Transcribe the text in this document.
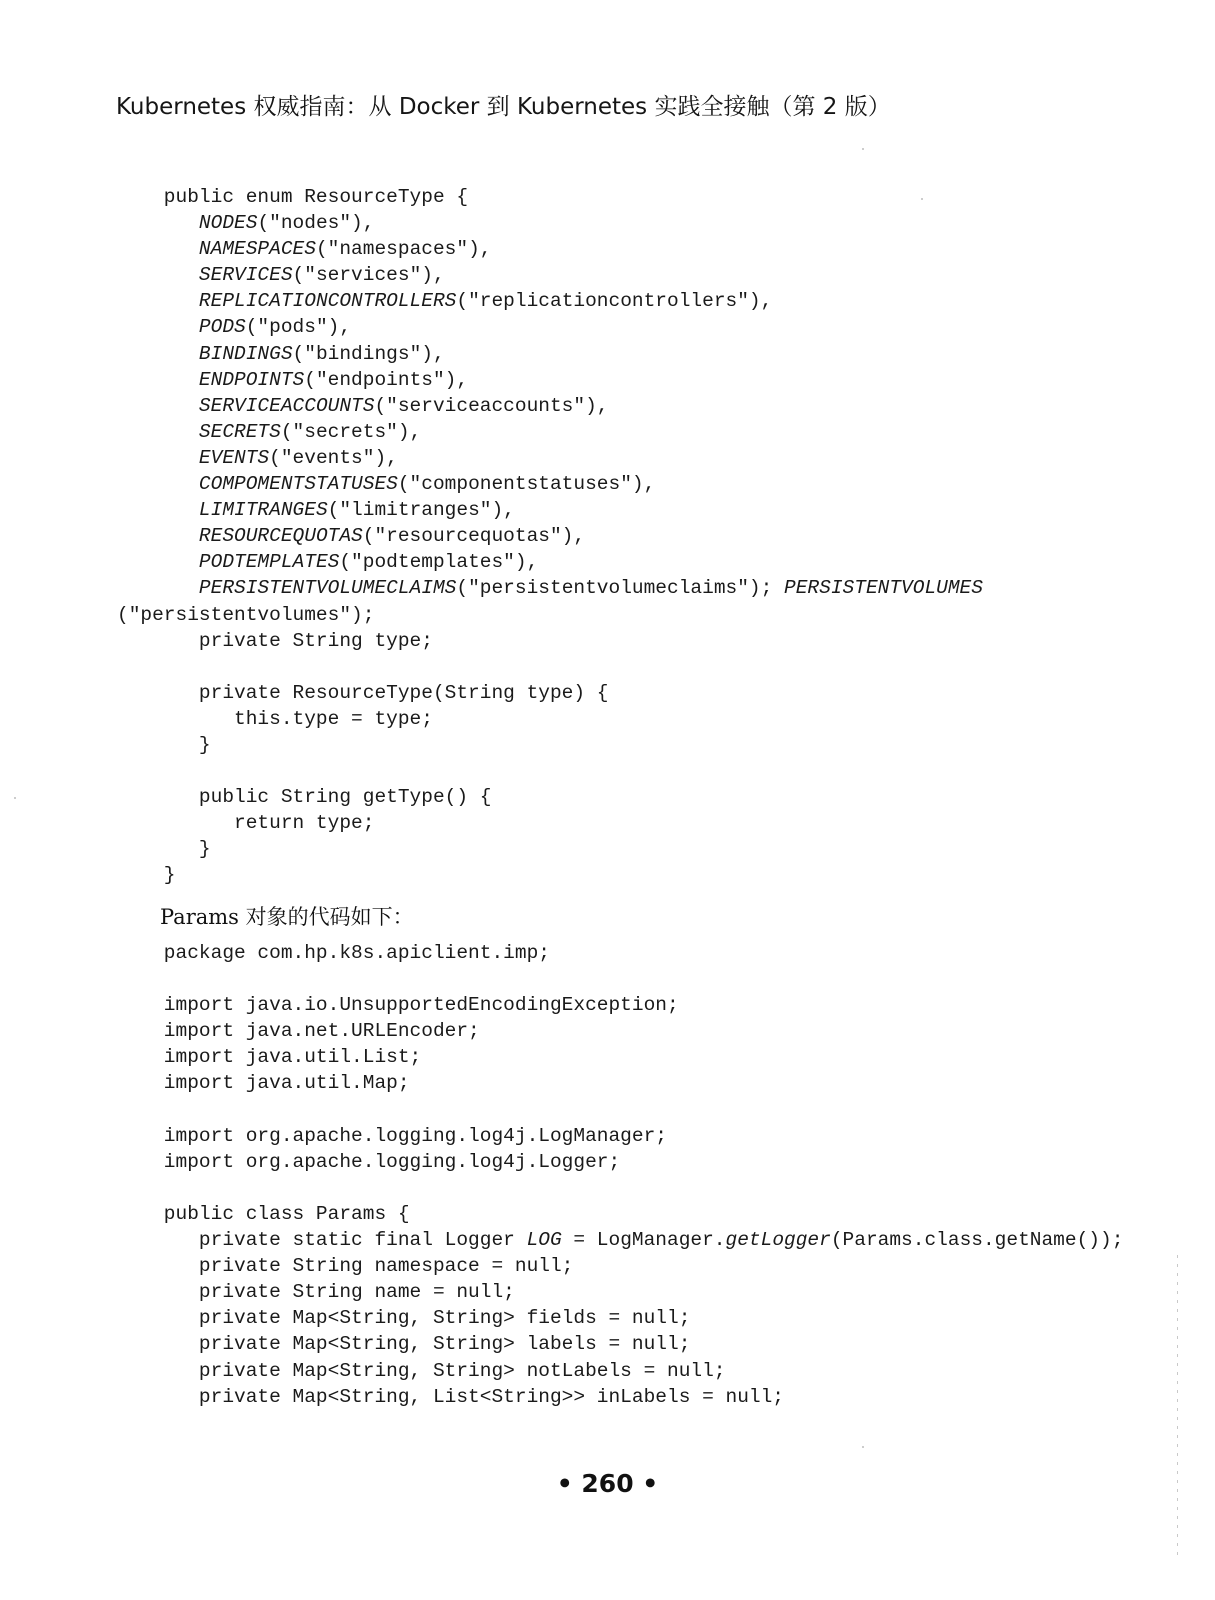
Kubernetes 权威指南：从 Docker 到 Kubernetes 实践全接触（第 2 版）
public enum ResourceType {
NODES("nodes"),
NAMESPACES("namespaces"),
SERVICES("services"),
REPLICATIONCONTROLLERS("replicationcontrollers"),
PODS("pods"),
BINDINGS("bindings"),
ENDPOINTS("endpoints"),
SERVICEACCOUNTS("serviceaccounts"),
SECRETS("secrets"),
EVENTS("events"),
COMPOMENTSTATUSES("componentstatuses"),
LIMITRANGES("limitranges"),
RESOURCEQUOTAS("resourcequotas"),
PODTEMPLATES("podtemplates"),
PERSISTENTVOLUMECLAIMS("persistentvolumeclaims"); PERSISTENTVOLUMES
("persistentvolumes");
private String type;
private ResourceType(String type) {
this.type = type;
}
public String getType() {
return type;
}
}
Params 对象的代码如下：
package com.hp.k8s.apiclient.imp;
import java.io.UnsupportedEncodingException;
import java.net.URLEncoder;
import java.util.List;
import java.util.Map;
import org.apache.logging.log4j.LogManager;
import org.apache.logging.log4j.Logger;
public class Params {
private static final Logger LOG = LogManager.getLogger(Params.class.getName());
private String namespace = null;
private String name = null;
private Map<String, String> fields = null;
private Map<String, String> labels = null;
private Map<String, String> notLabels = null;
private Map<String, List<String>> inLabels = null;
• 260 •
